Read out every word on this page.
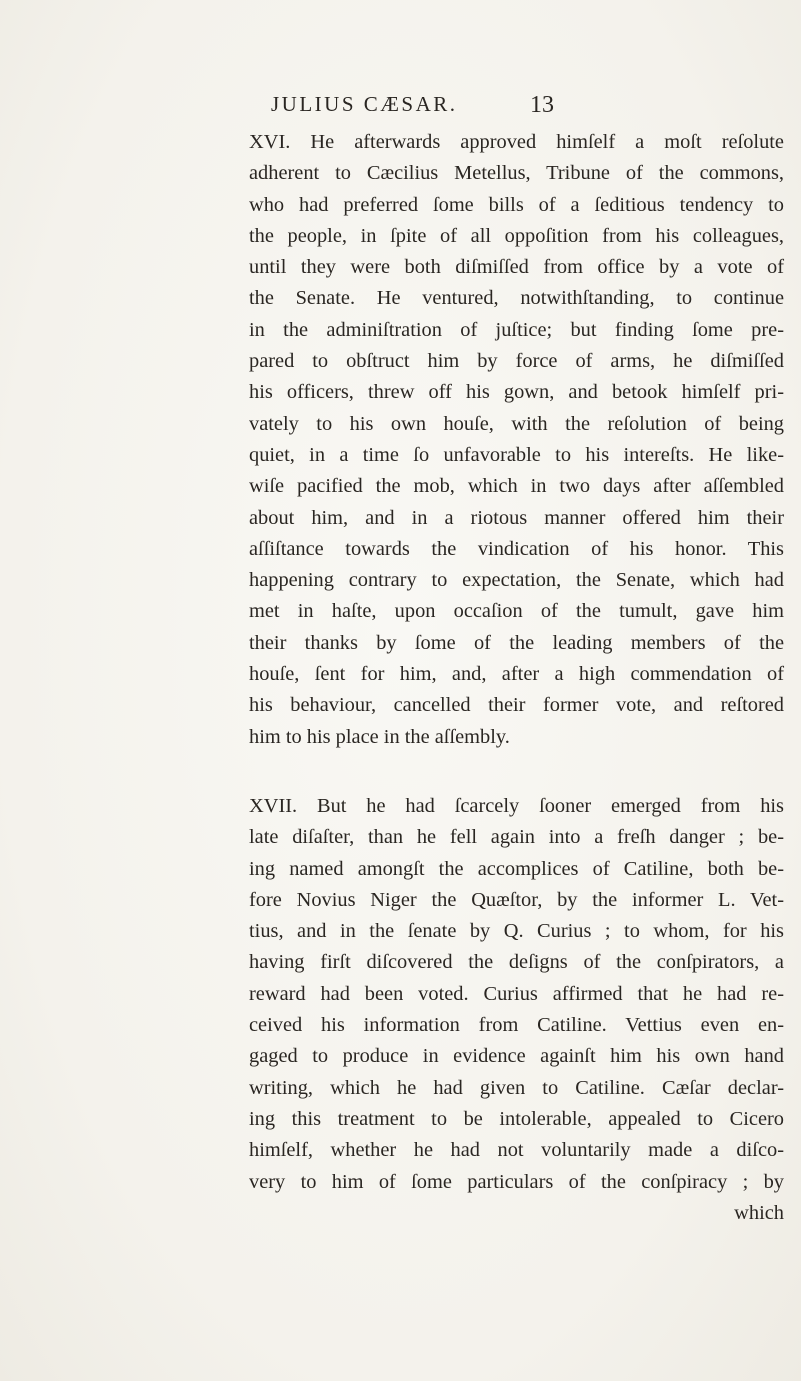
JULIUS CÆSAR.	13
XVI. He afterwards approved himſelf a moſt reſolute
adherent to Cæcilius Metellus, Tribune of the commons,
who had preferred ſome bills of a ſeditious tendency to
the people, in ſpite of all oppoſition from his colleagues,
until they were both diſmiſſed from office by a vote of
the Senate. He ventured, notwithſtanding, to continue
in the adminiſtration of juſtice; but finding ſome pre-
pared to obſtruct him by force of arms, he diſmiſſed
his officers, threw off his gown, and betook himſelf pri-
vately to his own houſe, with the reſolution of being
quiet, in a time ſo unfavorable to his intereſts. He like-
wiſe pacified the mob, which in two days after aſſembled
about him, and in a riotous manner offered him their
aſſiſtance towards the vindication of his honor. This
happening contrary to expectation, the Senate, which had
met in haſte, upon occaſion of the tumult, gave him
their thanks by ſome of the leading members of the
houſe, ſent for him, and, after a high commendation of
his behaviour, cancelled their former vote, and reſtored
him to his place in the aſſembly.
XVII. But he had ſcarcely ſooner emerged from his
late diſaſter, than he fell again into a freſh danger ; be-
ing named amongſt the accomplices of Catiline, both be-
fore Novius Niger the Quæſtor, by the informer L. Vet-
tius, and in the ſenate by Q. Curius ; to whom, for his
having firſt diſcovered the deſigns of the conſpirators, a
reward had been voted. Curius affirmed that he had re-
ceived his information from Catiline. Vettius even en-
gaged to produce in evidence againſt him his own hand
writing, which he had given to Catiline. Cæſar declar-
ing this treatment to be intolerable, appealed to Cicero
himſelf, whether he had not voluntarily made a diſco-
very to him of ſome particulars of the conſpiracy ; by
which
